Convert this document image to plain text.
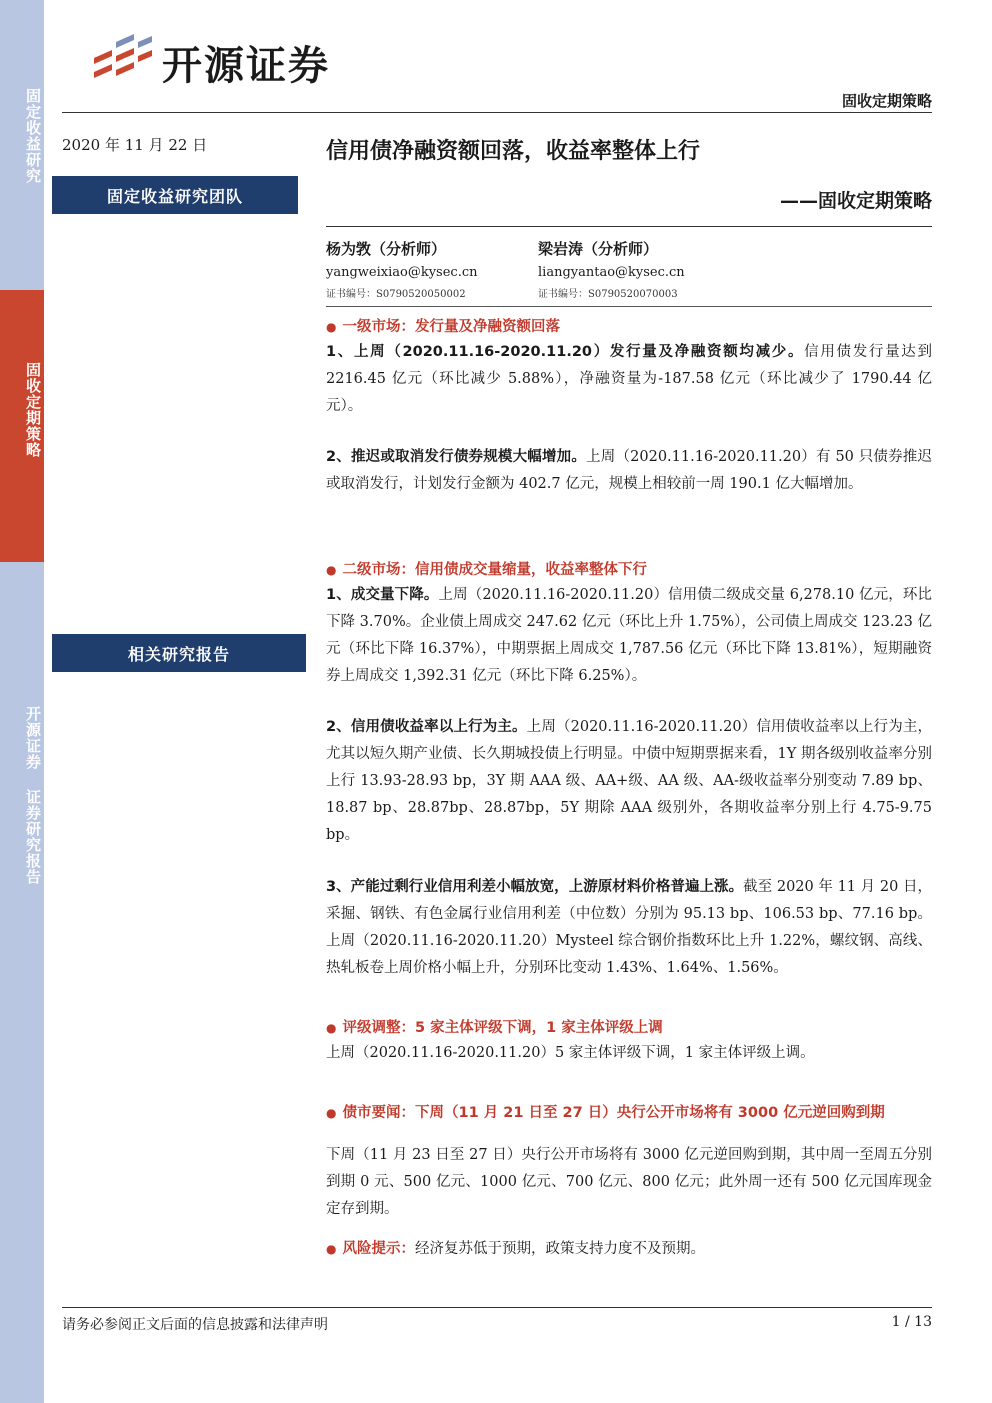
固定收益研究
固收定期策略
开源证券 证券研究报告
开源证券
固收定期策略
2020 年 11 月 22 日
固定收益研究团队
相关研究报告
信用债净融资额回落，收益率整体上行
——固收定期策略
杨为敩（分析师）
yangweixiao@kysec.cn
证书编号：S0790520050002
梁岩涛（分析师）
liangyantao@kysec.cn
证书编号：S0790520070003
● 一级市场：发行量及净融资额回落
1、上周（2020.11.16-2020.11.20）发行量及净融资额均减少。信用债发行量达到 2216.45 亿元（环比减少 5.88%），净融资量为-187.58 亿元（环比减少了 1790.44 亿元）。
2、推迟或取消发行债券规模大幅增加。上周（2020.11.16-2020.11.20）有 50 只债券推迟或取消发行，计划发行金额为 402.7 亿元，规模上相较前一周 190.1 亿大幅增加。
● 二级市场：信用债成交量缩量，收益率整体下行
1、成交量下降。上周（2020.11.16-2020.11.20）信用债二级成交量 6,278.10 亿元，环比下降 3.70%。企业债上周成交 247.62 亿元（环比上升 1.75%），公司债上周成交 123.23 亿元（环比下降 16.37%），中期票据上周成交 1,787.56 亿元（环比下降 13.81%），短期融资券上周成交 1,392.31 亿元（环比下降 6.25%）。
2、信用债收益率以上行为主。上周（2020.11.16-2020.11.20）信用债收益率以上行为主，尤其以短久期产业债、长久期城投债上行明显。中债中短期票据来看，1Y 期各级别收益率分别上行 13.93-28.93 bp，3Y 期 AAA 级、AA+级、AA 级、AA-级收益率分别变动 7.89 bp、18.87 bp、28.87bp、28.87bp，5Y 期除 AAA 级别外，各期收益率分别上行 4.75-9.75 bp。
3、产能过剩行业信用利差小幅放宽，上游原材料价格普遍上涨。截至 2020 年 11 月 20 日，采掘、钢铁、有色金属行业信用利差（中位数）分别为 95.13 bp、106.53 bp、77.16 bp。上周（2020.11.16-2020.11.20）Mysteel 综合钢价指数环比上升 1.22%，螺纹钢、高线、热轧板卷上周价格小幅上升，分别环比变动 1.43%、1.64%、1.56%。
● 评级调整：5 家主体评级下调，1 家主体评级上调
上周（2020.11.16-2020.11.20）5 家主体评级下调，1 家主体评级上调。
● 债市要闻：下周（11 月 21 日至 27 日）央行公开市场将有 3000 亿元逆回购到期
下周（11 月 23 日至 27 日）央行公开市场将有 3000 亿元逆回购到期，其中周一至周五分别到期 0 元、500 亿元、1000 亿元、700 亿元、800 亿元；此外周一还有 500 亿元国库现金定存到期。
● 风险提示：经济复苏低于预期，政策支持力度不及预期。
请务必参阅正文后面的信息披露和法律声明	1 / 13
